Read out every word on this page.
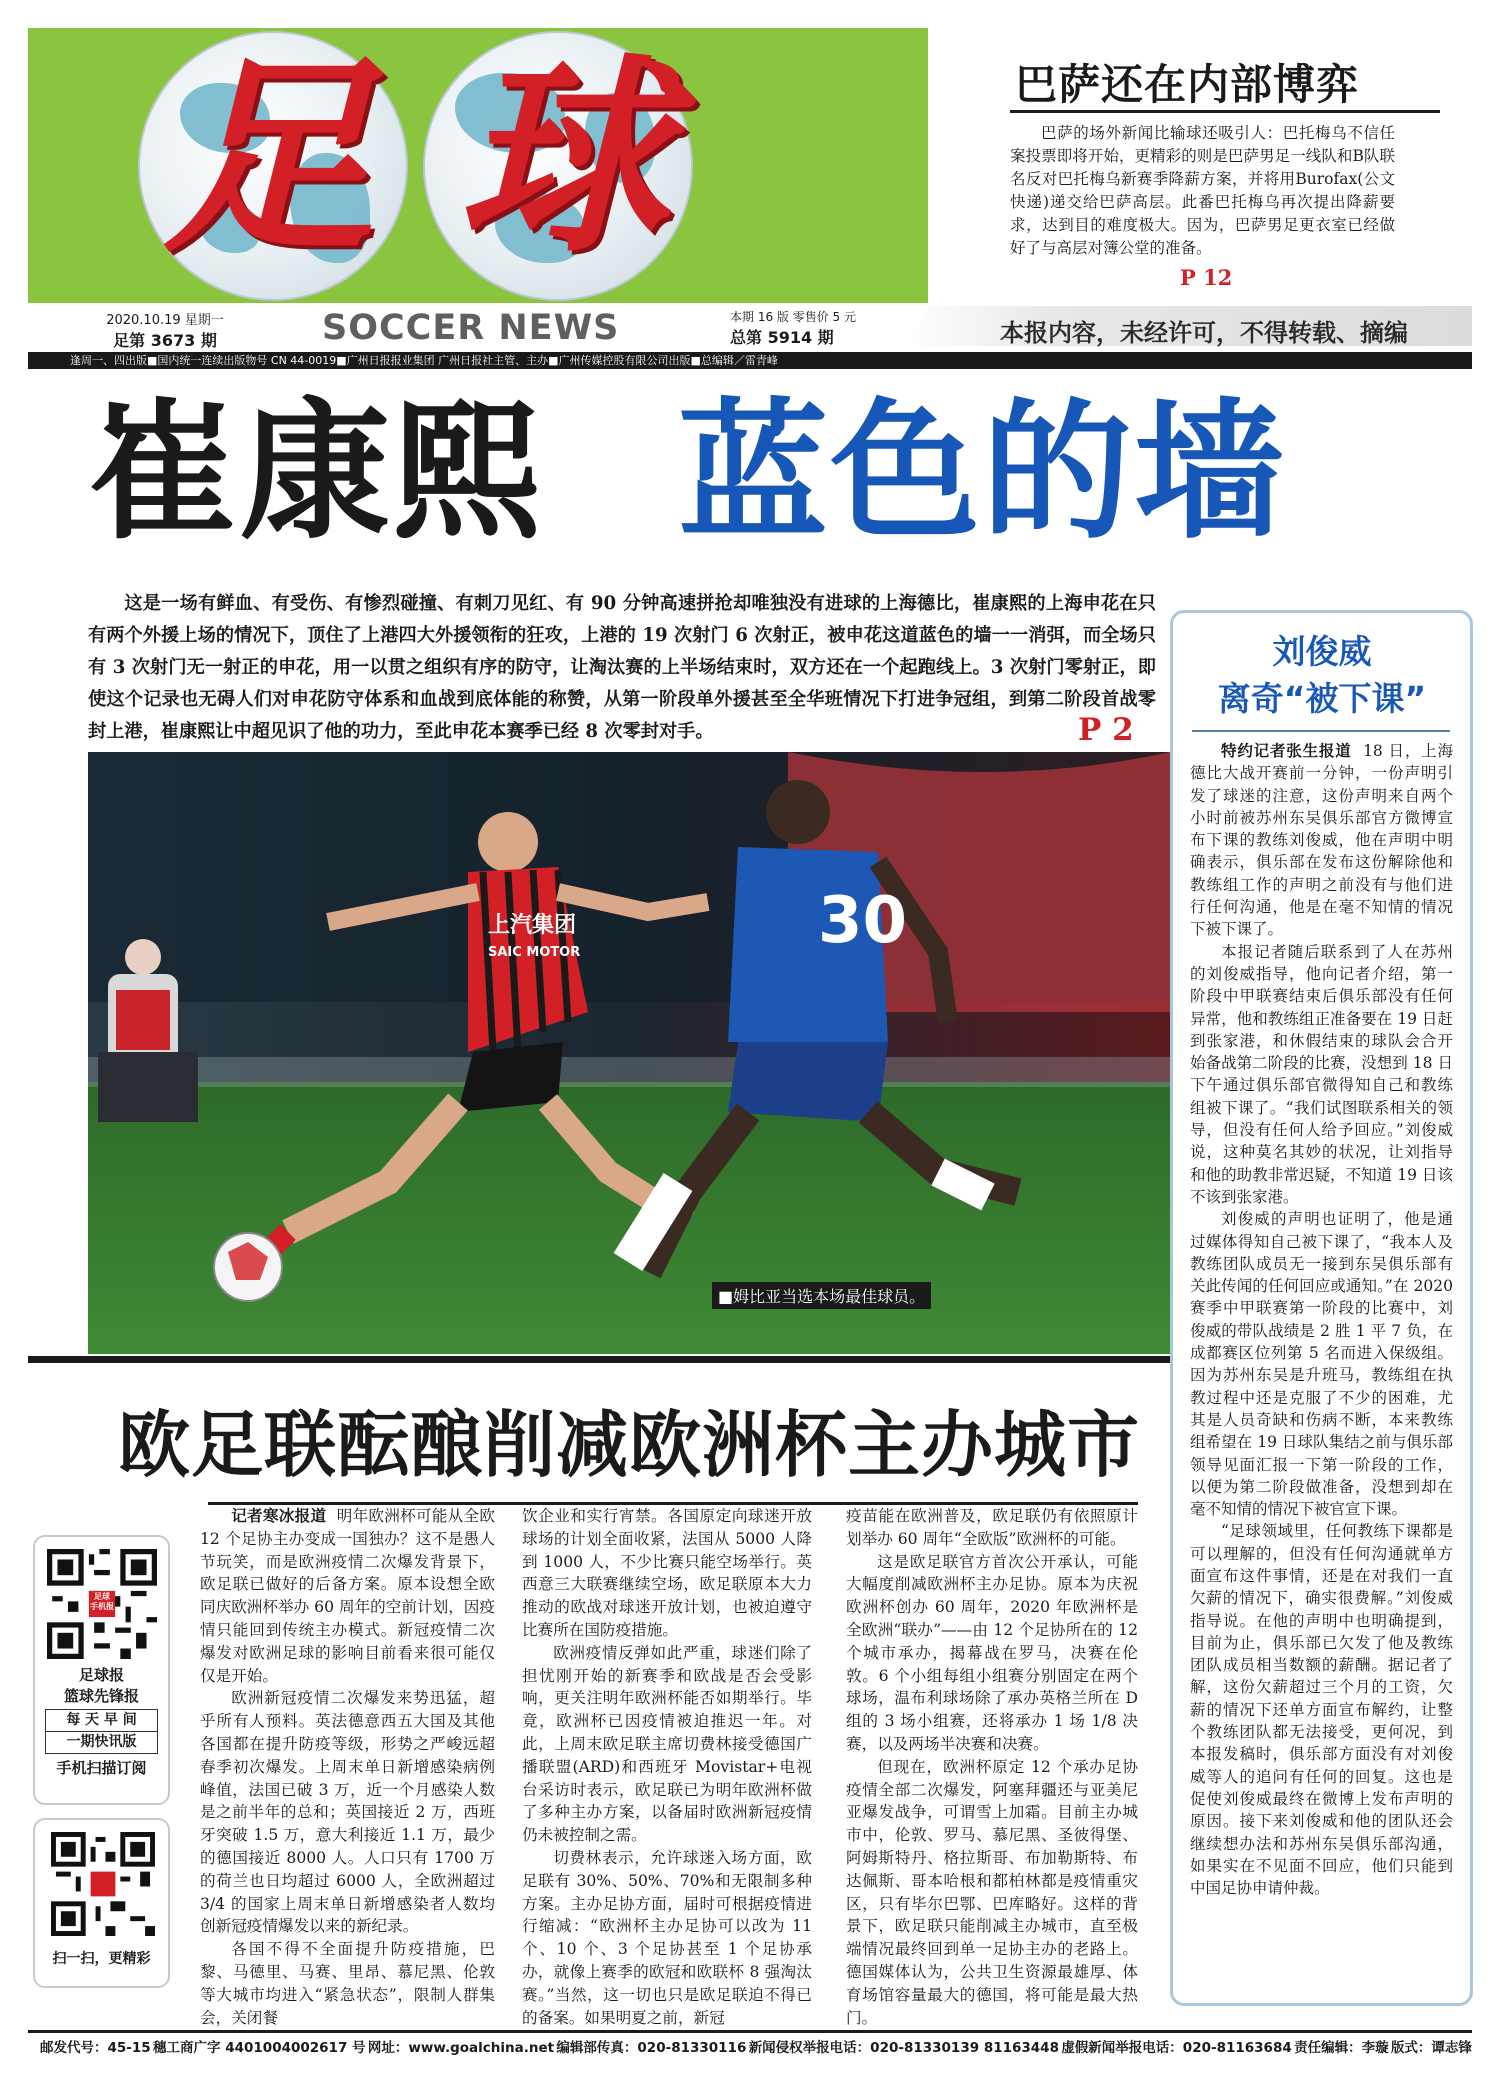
足 球	巴萨还在内部博弈
巴萨的场外新闻比输球还吸引人：巴托梅乌不信任案投票即将开始，更精彩的则是巴萨男足一线队和B队联名反对巴托梅乌新赛季降薪方案，并将用Burofax(公文快递)递交给巴萨高层。此番巴托梅乌再次提出降薪要求，达到目的难度极大。因为，巴萨男足更衣室已经做好了与高层对簿公堂的准备。
P 12
2020.10.19 星期一
足第 3673 期	SOCCER NEWS	本期 16 版 零售价 5 元
总第 5914 期	本报内容，未经许可，不得转载、摘编
逢周一、四出版■国内统一连续出版物号 CN 44-0019■广州日报报业集团 广州日报社主管、主办■广州传媒控股有限公司出版■总编辑／雷青峰
崔康熙 蓝色的墙
这是一场有鲜血、有受伤、有惨烈碰撞、有刺刀见红、有 90 分钟高速拼抢却唯独没有进球的上海德比，崔康熙的上海申花在只有两个外援上场的情况下，顶住了上港四大外援领衔的狂攻，上港的 19 次射门 6 次射正，被申花这道蓝色的墙一一消弭，而全场只有 3 次射门无一射正的申花，用一以贯之组织有序的防守，让淘汰赛的上半场结束时，双方还在一个起跑线上。3 次射门零射正，即使这个记录也无碍人们对申花防守体系和血战到底体能的称赞，从第一阶段单外援甚至全华班情况下打进争冠组，到第二阶段首战零封上港，崔康熙让中超见识了他的功力，至此申花本赛季已经 8 次零封对手。	P 2
上汽集团
SAIC MOTOR	30
■姆比亚当选本场最佳球员。
刘俊威
离奇“被下课”

特约记者张生报道 18 日，上海德比大战开赛前一分钟，一份声明引发了球迷的注意，这份声明来自两个小时前被苏州东吴俱乐部官方微博宣布下课的教练刘俊威，他在声明中明确表示，俱乐部在发布这份解除他和教练组工作的声明之前没有与他们进行任何沟通，他是在毫不知情的情况下被下课了。

本报记者随后联系到了人在苏州的刘俊威指导，他向记者介绍，第一阶段中甲联赛结束后俱乐部没有任何异常，他和教练组正准备要在 19 日赶到张家港，和休假结束的球队会合开始备战第二阶段的比赛，没想到 18 日下午通过俱乐部官微得知自己和教练组被下课了。“我们试图联系相关的领导，但没有任何人给予回应。”刘俊威说，这种莫名其妙的状况，让刘指导和他的助教非常迟疑，不知道 19 日该不该到张家港。

刘俊威的声明也证明了，他是通过媒体得知自己被下课了，“我本人及教练团队成员无一接到东吴俱乐部有关此传闻的任何回应或通知。”在 2020 赛季中甲联赛第一阶段的比赛中，刘俊威的带队战绩是 2 胜 1 平 7 负，在成都赛区位列第 5 名而进入保级组。因为苏州东吴是升班马，教练组在执教过程中还是克服了不少的困难，尤其是人员奇缺和伤病不断，本来教练组希望在 19 日球队集结之前与俱乐部领导见面汇报一下第一阶段的工作，以便为第二阶段做准备，没想到却在毫不知情的情况下被官宣下课。

“足球领域里，任何教练下课都是可以理解的，但没有任何沟通就单方面宣布这件事情，还是在对我们一直欠薪的情况下，确实很费解。”刘俊威指导说。在他的声明中也明确提到，目前为止，俱乐部已欠发了他及教练团队成员相当数额的薪酬。据记者了解，这份欠薪超过三个月的工资，欠薪的情况下还单方面宣布解约，让整个教练团队都无法接受，更何况，到本报发稿时，俱乐部方面没有对刘俊威等人的追问有任何的回复。这也是促使刘俊威最终在微博上发布声明的原因。接下来刘俊威和他的团队还会继续想办法和苏州东吴俱乐部沟通，如果实在不见面不回应，他们只能到中国足协申请仲裁。

欧足联酝酿削减欧洲杯主办城市

记者寒冰报道 明年欧洲杯可能从全欧 12 个足协主办变成一国独办？这不是愚人节玩笑，而是欧洲疫情二次爆发背景下，欧足联已做好的后备方案。原本设想全欧同庆欧洲杯举办 60 周年的空前计划，因疫情只能回到传统主办模式。新冠疫情二次爆发对欧洲足球的影响目前看来很可能仅仅是开始。

欧洲新冠疫情二次爆发来势迅猛，超乎所有人预料。英法德意西五大国及其他各国都在提升防疫等级，形势之严峻远超春季初次爆发。上周末单日新增感染病例峰值，法国已破 3 万，近一个月感染人数是之前半年的总和；英国接近 2 万，西班牙突破 1.5 万，意大利接近 1.1 万，最少的德国接近 8000 人。人口只有 1700 万的荷兰也日均超过 6000 人，全欧洲超过 3/4 的国家上周末单日新增感染者人数均创新冠疫情爆发以来的新纪录。

各国不得不全面提升防疫措施，巴黎、马德里、马赛、里昂、慕尼黑、伦敦等大城市均进入“紧急状态”，限制人群集会，关闭餐

饮企业和实行宵禁。各国原定向球迷开放球场的计划全面收紧，法国从 5000 人降到 1000 人，不少比赛只能空场举行。英西意三大联赛继续空场，欧足联原本大力推动的欧战对球迷开放计划，也被迫遵守比赛所在国防疫措施。

欧洲疫情反弹如此严重，球迷们除了担忧刚开始的新赛季和欧战是否会受影响，更关注明年欧洲杯能否如期举行。毕竟，欧洲杯已因疫情被迫推迟一年。对此，上周末欧足联主席切费林接受德国广播联盟(ARD)和西班牙 Movistar+电视台采访时表示，欧足联已为明年欧洲杯做了多种主办方案，以备届时欧洲新冠疫情仍未被控制之需。

切费林表示，允许球迷入场方面，欧足联有 30%、50%、70%和无限制多种方案。主办足协方面，届时可根据疫情进行缩减：“欧洲杯主办足协可以改为 11 个、10 个、3 个足协甚至 1 个足协承办，就像上赛季的欧冠和欧联杯 8 强淘汰赛。”当然，这一切也只是欧足联迫不得已的备案。如果明夏之前，新冠

疫苗能在欧洲普及，欧足联仍有依照原计划举办 60 周年“全欧版”欧洲杯的可能。

这是欧足联官方首次公开承认，可能大幅度削减欧洲杯主办足协。原本为庆祝欧洲杯创办 60 周年，2020 年欧洲杯是全欧洲“联办”——由 12 个足协所在的 12 个城市承办，揭幕战在罗马，决赛在伦敦。6 个小组每组小组赛分别固定在两个球场，温布利球场除了承办英格兰所在 D 组的 3 场小组赛，还将承办 1 场 1/8 决赛，以及两场半决赛和决赛。

但现在，欧洲杯原定 12 个承办足协疫情全部二次爆发，阿塞拜疆还与亚美尼亚爆发战争，可谓雪上加霜。目前主办城市中，伦敦、罗马、慕尼黑、圣彼得堡、阿姆斯特丹、格拉斯哥、布加勒斯特、布达佩斯、哥本哈根和都柏林都是疫情重灾区，只有毕尔巴鄂、巴库略好。这样的背景下，欧足联只能削减主办城市，直至极端情况最终回到单一足协主办的老路上。德国媒体认为，公共卫生资源最雄厚、体育场馆容量最大的德国，将可能是最大热门。

足球
手机报
足球报
篮球先锋报
每 天 早 间
一期快讯版
手机扫描订阅
扫一扫，更精彩
邮发代号：45-15 穗工商广字 4401004002617 号 网址：www.goalchina.net 编辑部传真：020-81330116 新闻侵权举报电话：020-81330139 81163448 虚假新闻举报电话：020-81163684 责任编辑：李璇 版式：谭志锋
